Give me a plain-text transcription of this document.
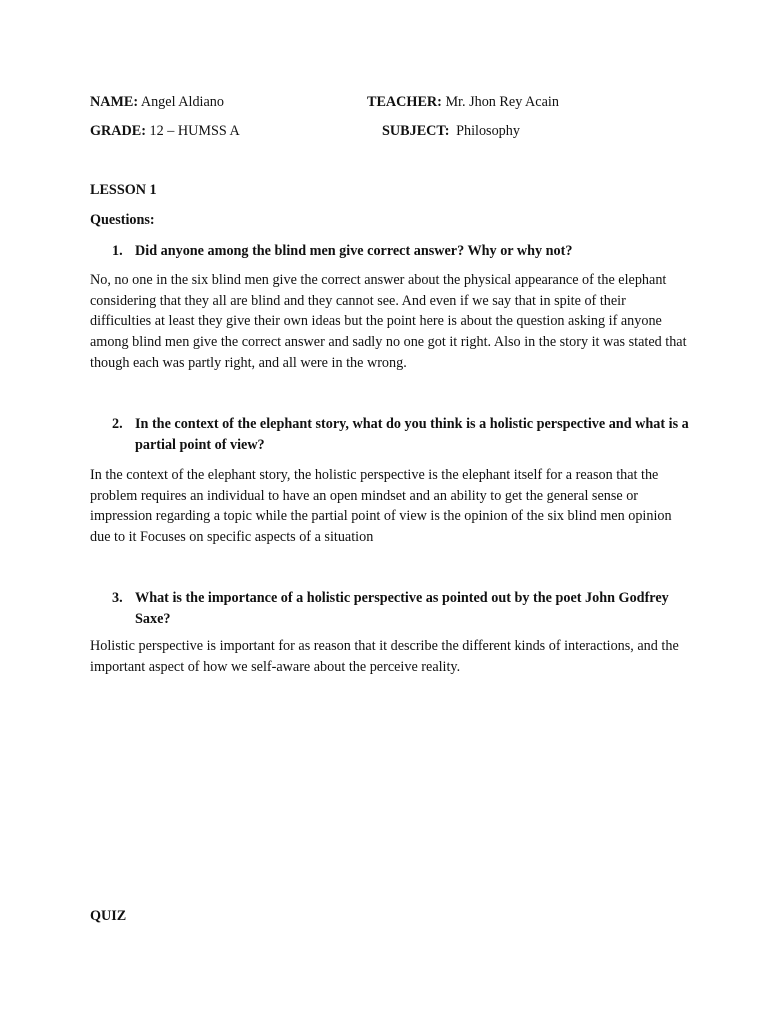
NAME: Angel Aldiano	TEACHER: Mr. Jhon Rey Acain
GRADE: 12 – HUMSS A	SUBJECT: Philosophy
LESSON 1
Questions:
1. Did anyone among the blind men give correct answer? Why or why not?
No, no one in the six blind men give the correct answer about the physical appearance of the elephant considering that they all are blind and they cannot see. And even if we say that in spite of their difficulties at least they give their own ideas but the point here is about the question asking if anyone among blind men give the correct answer and sadly no one got it right. Also in the story it was stated that though each was partly right, and all were in the wrong.
2. In the context of the elephant story, what do you think is a holistic perspective and what is a partial point of view?
In the context of the elephant story, the holistic perspective is the elephant itself for a reason that the problem requires an individual to have an open mindset and an ability to get the general sense or impression regarding a topic while the partial point of view is the opinion of the six blind men opinion due to it Focuses on specific aspects of a situation
3. What is the importance of a holistic perspective as pointed out by the poet John Godfrey Saxe?
Holistic perspective is important for as reason that it describe the different kinds of interactions, and the important aspect of how we self-aware about the perceive reality.
QUIZ
